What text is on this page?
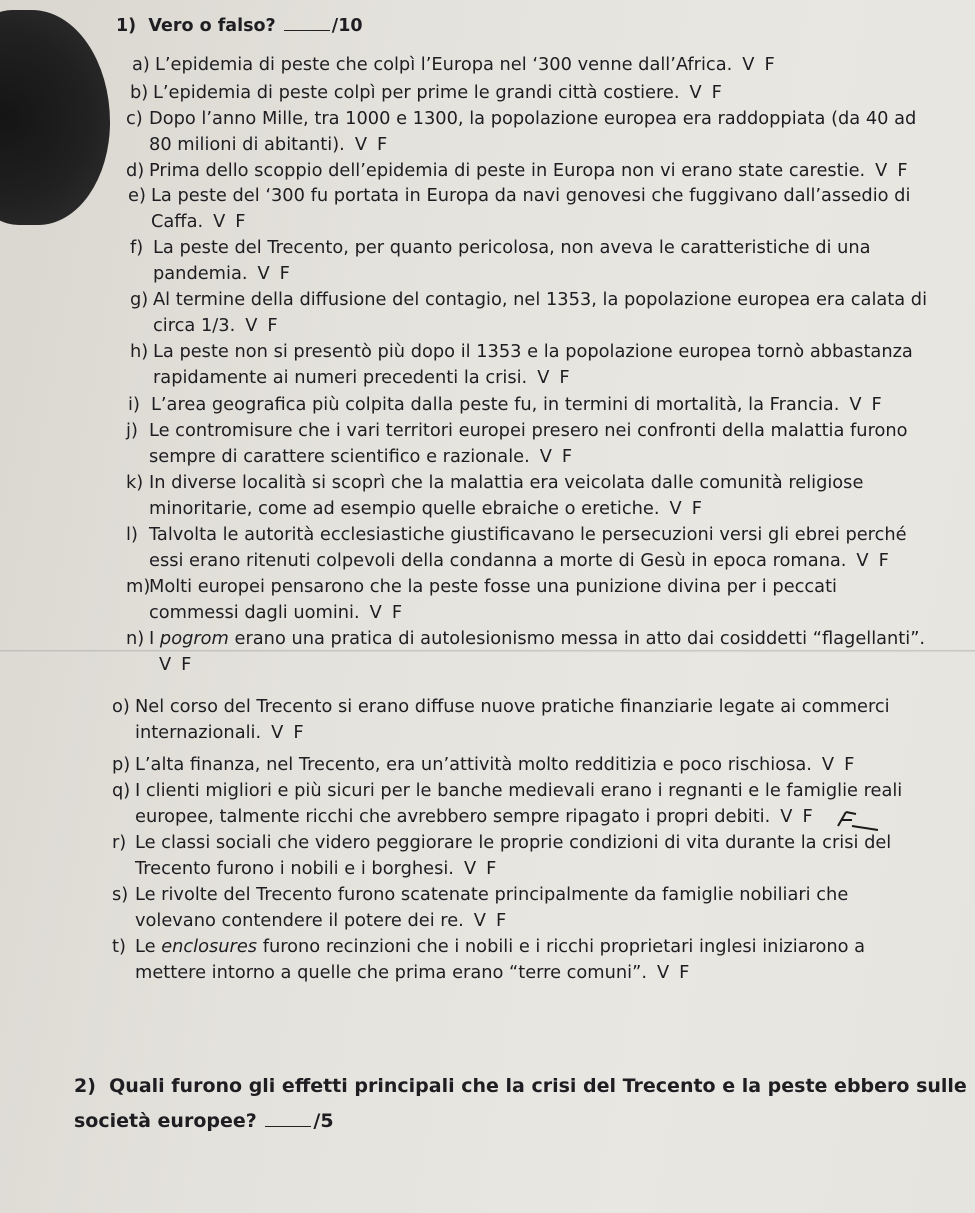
1) Vero o falso?	/10
a) L’epidemia di peste che colpì l’Europa nel ‘300 venne dall’Africa. V F
b) L’epidemia di peste colpì per prime le grandi città costiere. V F
c) Dopo l’anno Mille, tra 1000 e 1300, la popolazione europea era raddoppiata (da 40 ad
80 milioni di abitanti). V F
d) Prima dello scoppio dell’epidemia di peste in Europa non vi erano state carestie. V F
e) La peste del ‘300 fu portata in Europa da navi genovesi che fuggivano dall’assedio di
Caffa. V F
f) La peste del Trecento, per quanto pericolosa, non aveva le caratteristiche di una
pandemia. V F
g) Al termine della diffusione del contagio, nel 1353, la popolazione europea era calata di
circa 1/3. V F
h) La peste non si presentò più dopo il 1353 e la popolazione europea tornò abbastanza
rapidamente ai numeri precedenti la crisi. V F
i) L’area geografica più colpita dalla peste fu, in termini di mortalità, la Francia. V F
j) Le contromisure che i vari territori europei presero nei confronti della malattia furono
sempre di carattere scientifico e razionale. V F
k) In diverse località si scoprì che la malattia era veicolata dalle comunità religiose
minoritarie, come ad esempio quelle ebraiche o eretiche. V F
l) Talvolta le autorità ecclesiastiche giustificavano le persecuzioni versi gli ebrei perché
essi erano ritenuti colpevoli della condanna a morte di Gesù in epoca romana. V F
m)Molti europei pensarono che la peste fosse una punizione divina per i peccati
commessi dagli uomini. V F
n) I pogrom erano una pratica di autolesionismo messa in atto dai cosiddetti “flagellanti”.
V F
o) Nel corso del Trecento si erano diffuse nuove pratiche finanziarie legate ai commerci
internazionali. V F
p) L’alta finanza, nel Trecento, era un’attività molto redditizia e poco rischiosa. V F
q) I clienti migliori e più sicuri per le banche medievali erano i regnanti e le famiglie reali
europee, talmente ricchi che avrebbero sempre ripagato i propri debiti. V F
r) Le classi sociali che videro peggiorare le proprie condizioni di vita durante la crisi del
Trecento furono i nobili e i borghesi. V F
s) Le rivolte del Trecento furono scatenate principalmente da famiglie nobiliari che
volevano contendere il potere dei re. V F
t) Le enclosures furono recinzioni che i nobili e i ricchi proprietari inglesi iniziarono a
mettere intorno a quelle che prima erano “terre comuni”. V F
2) Quali furono gli effetti principali che la crisi del Trecento e la peste ebbero sulle
società europee?	/5
